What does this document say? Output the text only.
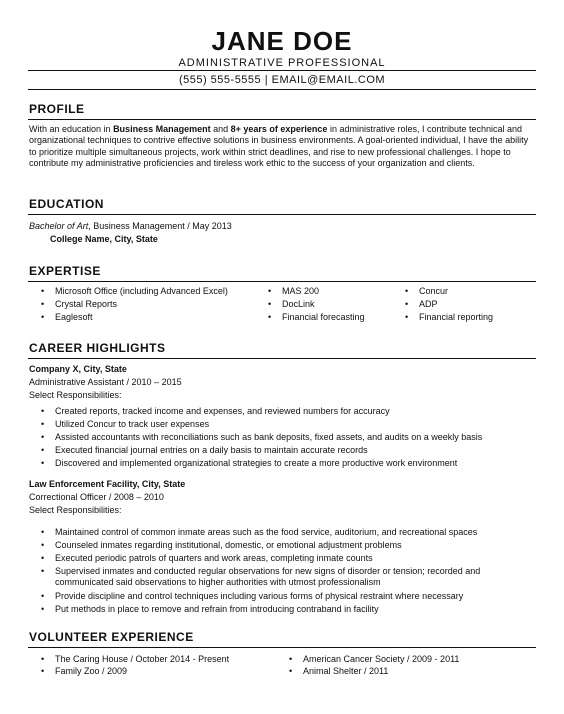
JANE DOE
ADMINISTRATIVE PROFESSIONAL
(555) 555-5555 | EMAIL@EMAIL.COM
PROFILE
With an education in Business Management and 8+ years of experience in administrative roles, I contribute technical and organizational techniques to contrive effective solutions in business environments. A goal-oriented individual, I have the ability to prioritize multiple simultaneous projects, work within strict deadlines, and rise to new professional challenges. I hope to contribute my administrative proficiencies and tireless work ethic to the success of your organization and clients.
EDUCATION
Bachelor of Art, Business Management / May 2013
College Name, City, State
EXPERTISE
• Microsoft Office (including Advanced Excel)
• Crystal Reports
• Eaglesoft
• MAS 200
• DocLink
• Financial forecasting
• Concur
• ADP
• Financial reporting
CAREER HIGHLIGHTS
Company X, City, State
Administrative Assistant / 2010 – 2015
Select Responsibilities:
• Created reports, tracked income and expenses, and reviewed numbers for accuracy
• Utilized Concur to track user expenses
• Assisted accountants with reconciliations such as bank deposits, fixed assets, and audits on a weekly basis
• Executed financial journal entries on a daily basis to maintain accurate records
• Discovered and implemented organizational strategies to create a more productive work environment
Law Enforcement Facility, City, State
Correctional Officer / 2008 – 2010
Select Responsibilities:
• Maintained control of common inmate areas such as the food service, auditorium, and recreational spaces
• Counseled inmates regarding institutional, domestic, or emotional adjustment problems
• Executed periodic patrols of quarters and work areas, completing inmate counts
• Supervised inmates and conducted regular observations for new signs of disorder or tension; recorded and communicated said observations to higher authorities with utmost professionalism
• Provide discipline and control techniques including various forms of physical restraint where necessary
• Put methods in place to remove and refrain from introducing contraband in facility
VOLUNTEER EXPERIENCE
• The Caring House / October 2014 - Present
• Family Zoo / 2009
• American Cancer Society / 2009 - 2011
• Animal Shelter / 2011
